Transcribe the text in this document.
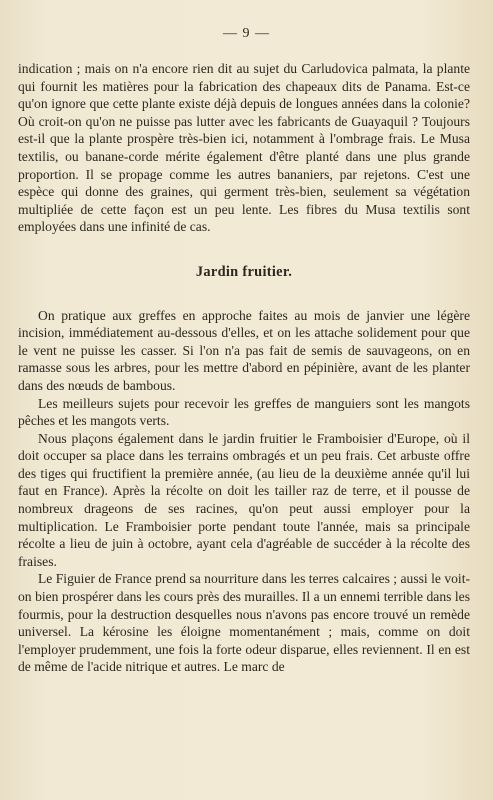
— 9 —

indication ; mais on n'a encore rien dit au sujet du Carludovica palmata, la plante qui fournit les matières pour la fabrication des chapeaux dits de Panama. Est-ce qu'on ignore que cette plante existe déjà depuis de longues années dans la colonie? Où croit-on qu'on ne puisse pas lutter avec les fabricants de Guayaquil ? Toujours est-il que la plante prospère très-bien ici, notamment à l'ombrage frais. Le Musa textilis, ou banane-corde mérite également d'être planté dans une plus grande proportion. Il se propage comme les autres bananiers, par rejetons. C'est une espèce qui donne des graines, qui germent très-bien, seulement sa végétation multipliée de cette façon est un peu lente. Les fibres du Musa textilis sont employées dans une infinité de cas.

Jardin fruitier.

On pratique aux greffes en approche faites au mois de janvier une légère incision, immédiatement au-dessous d'elles, et on les attache solidement pour que le vent ne puisse les casser. Si l'on n'a pas fait de semis de sauvageons, on en ramasse sous les arbres, pour les mettre d'abord en pépinière, avant de les planter dans des nœuds de bambous.

Les meilleurs sujets pour recevoir les greffes de manguiers sont les mangots pêches et les mangots verts.

Nous plaçons également dans le jardin fruitier le Framboisier d'Europe, où il doit occuper sa place dans les terrains ombragés et un peu frais. Cet arbuste offre des tiges qui fructifient la première année, (au lieu de la deuxième année qu'il lui faut en France). Après la récolte on doit les tailler raz de terre, et il pousse de nombreux drageons de ses racines, qu'on peut aussi employer pour la multiplication. Le Framboisier porte pendant toute l'année, mais sa principale récolte a lieu de juin à octobre, ayant cela d'agréable de succéder à la récolte des fraises.

Le Figuier de France prend sa nourriture dans les terres calcaires ; aussi le voit-on bien prospérer dans les cours près des murailles. Il a un ennemi terrible dans les fourmis, pour la destruction desquelles nous n'avons pas encore trouvé un remède universel. La kérosine les éloigne momentanément ; mais, comme on doit l'employer prudemment, une fois la forte odeur disparue, elles reviennent. Il en est de même de l'acide nitrique et autres. Le marc de
